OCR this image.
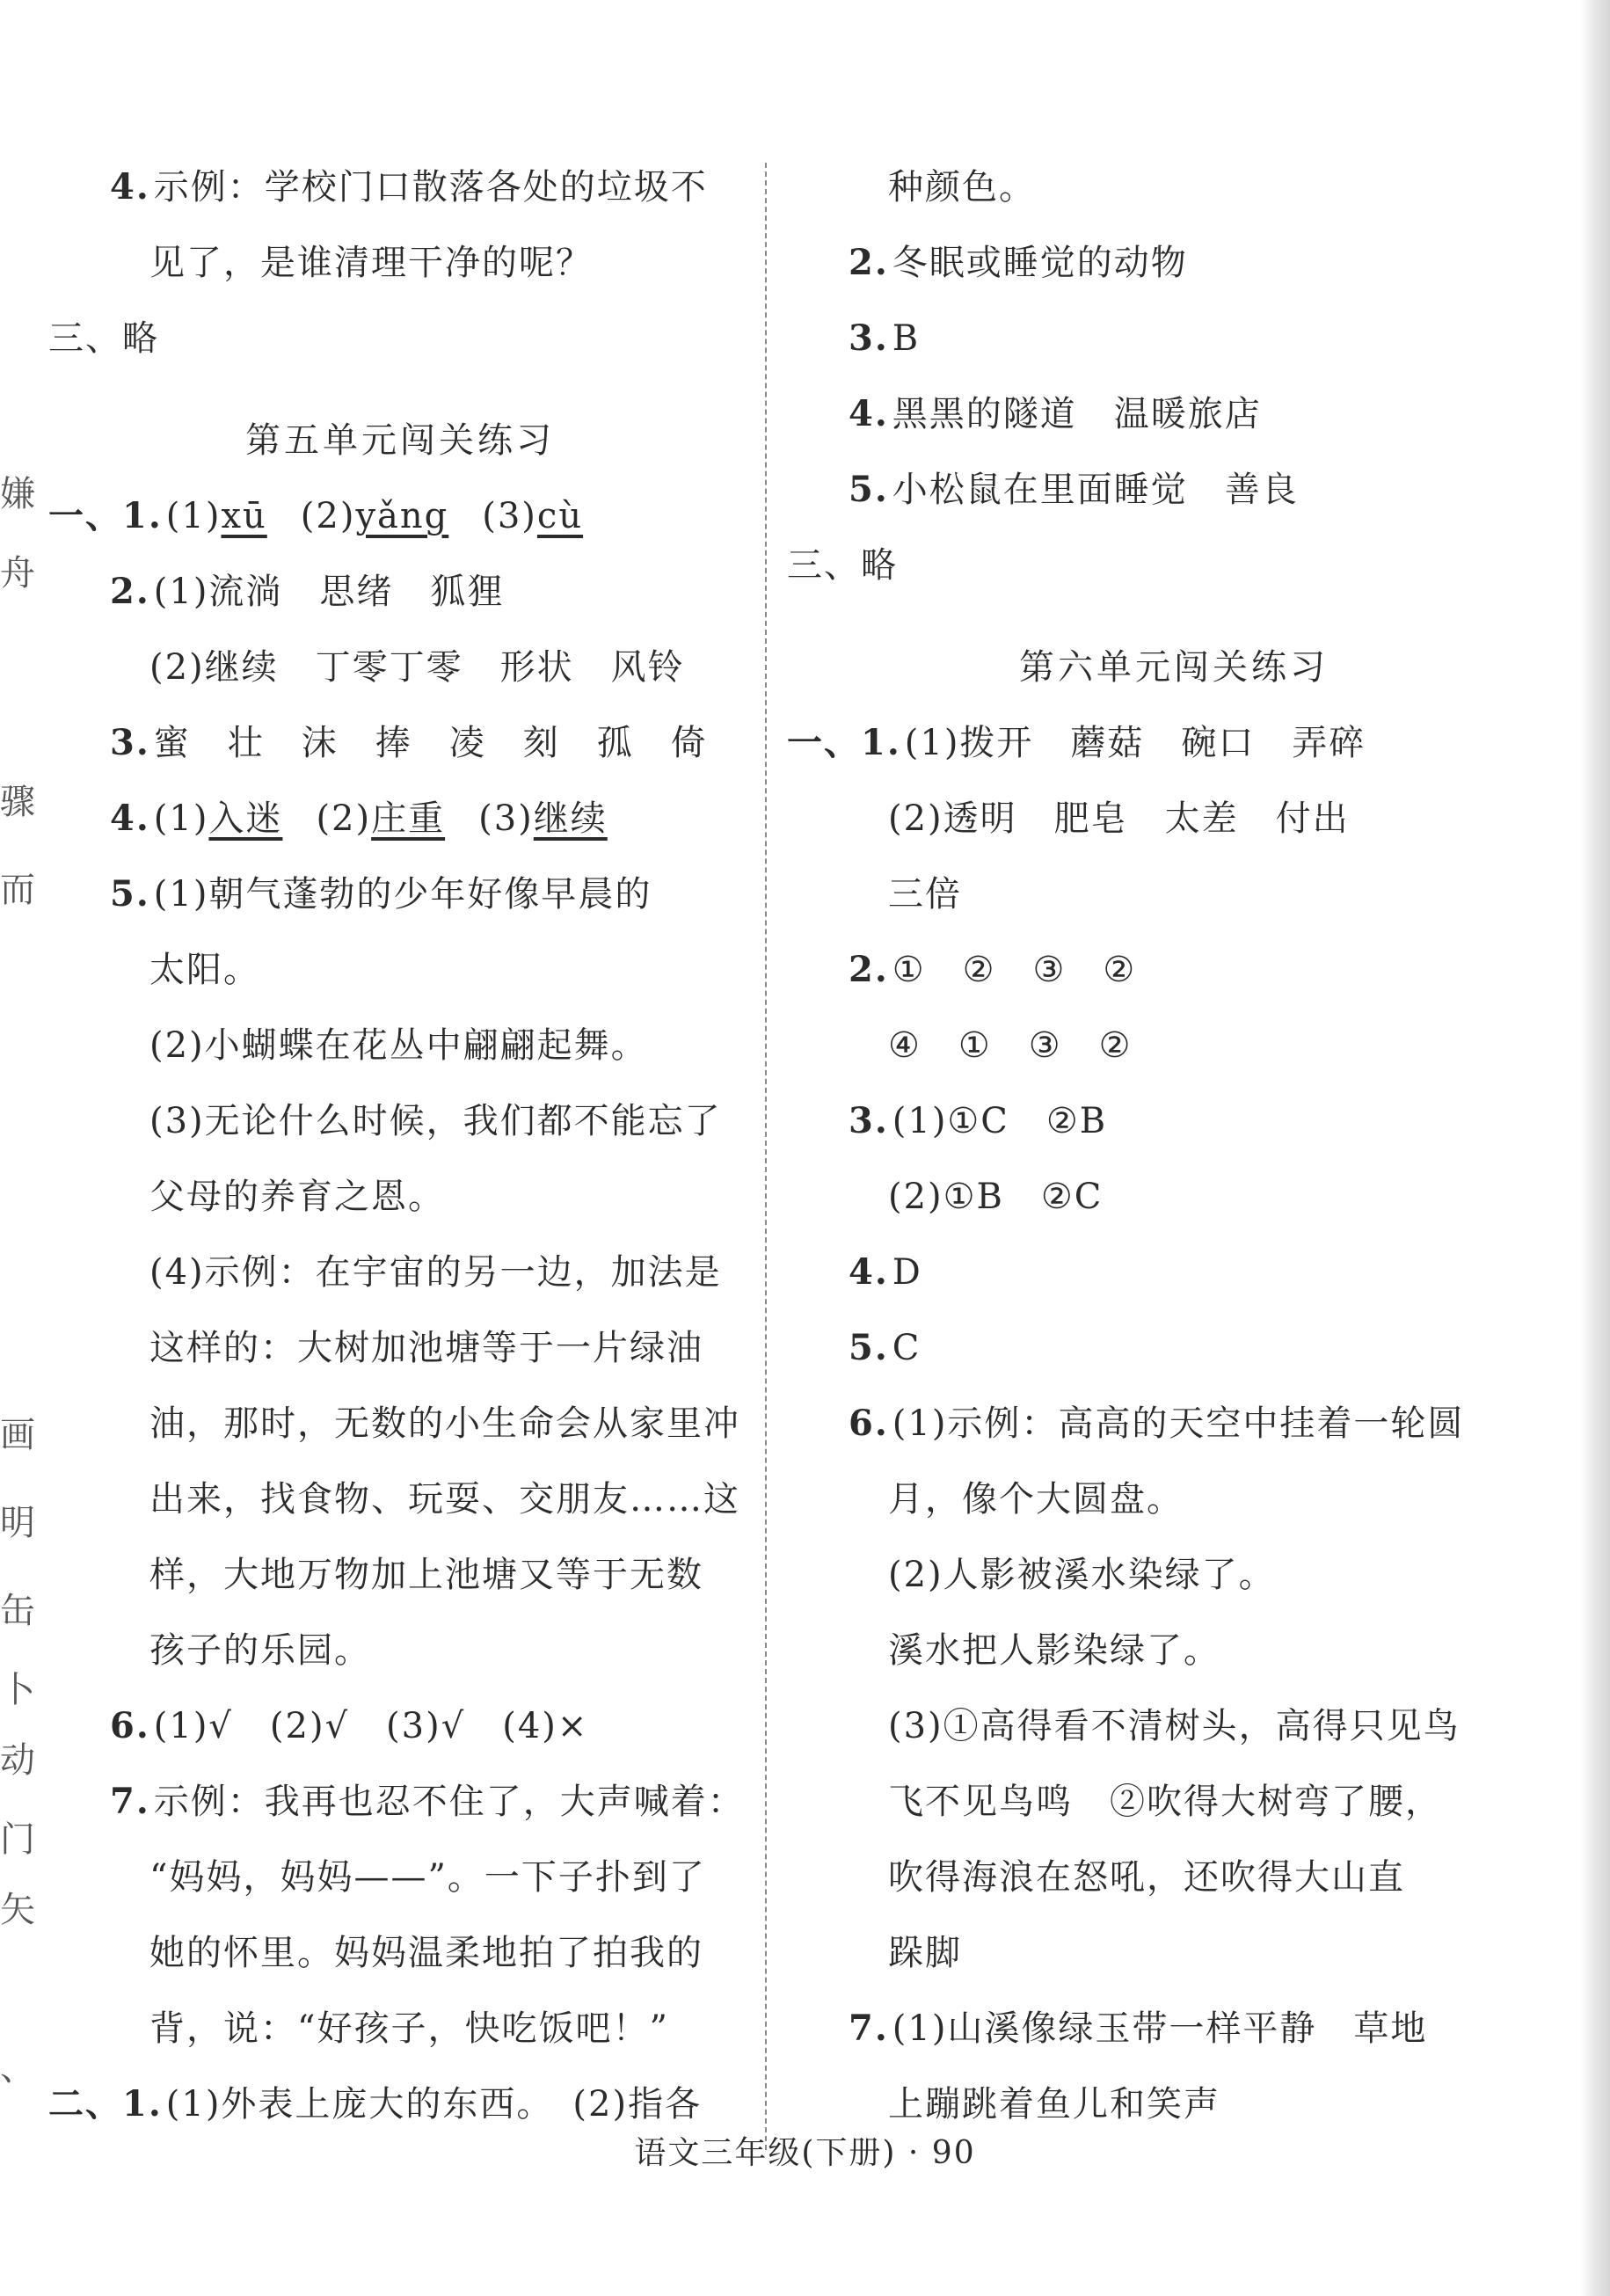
嫌
舟
骤
而
画
明
缶
卜
动
门
矢
、
4. 示例：学校门口散落各处的垃圾不
见了，是谁清理干净的呢？
三、略
第五单元闯关练习
一、1. (1)xū (2)yǎng (3)cù
2. (1)流淌　思绪　狐狸
(2)继续　丁零丁零　形状　风铃
3. 蜜　壮　沫　捧　凌　刻　孤　倚
4. (1)入迷 (2)庄重 (3)继续
5. (1)朝气蓬勃的少年好像早晨的
太阳。
(2)小蝴蝶在花丛中翩翩起舞。
(3)无论什么时候，我们都不能忘了
父母的养育之恩。
(4)示例：在宇宙的另一边，加法是
这样的：大树加池塘等于一片绿油
油，那时，无数的小生命会从家里冲
出来，找食物、玩耍、交朋友……这
样，大地万物加上池塘又等于无数
孩子的乐园。
6. (1)√　(2)√　(3)√　(4)×
7. 示例：我再也忍不住了，大声喊着：
“妈妈，妈妈——”。一下子扑到了
她的怀里。妈妈温柔地拍了拍我的
背，说：“好孩子，快吃饭吧！”
二、1. (1)外表上庞大的东西。　(2)指各
种颜色。
2. 冬眠或睡觉的动物
3. B
4. 黑黑的隧道　温暖旅店
5. 小松鼠在里面睡觉　善良
三、略
第六单元闯关练习
一、1. (1)拨开　蘑菇　碗口　弄碎
(2)透明　肥皂　太差　付出
三倍
2. ①　②　③　②
④　①　③　②
3. (1)①C　②B
(2)①B　②C
4. D
5. C
6. (1)示例：高高的天空中挂着一轮圆
月，像个大圆盘。
(2)人影被溪水染绿了。
溪水把人影染绿了。
(3)①高得看不清树头，高得只见鸟
飞不见鸟鸣　②吹得大树弯了腰，
吹得海浪在怒吼，还吹得大山直
跺脚
7. (1)山溪像绿玉带一样平静　草地
上蹦跳着鱼儿和笑声
语文三年级(下册) · 90
